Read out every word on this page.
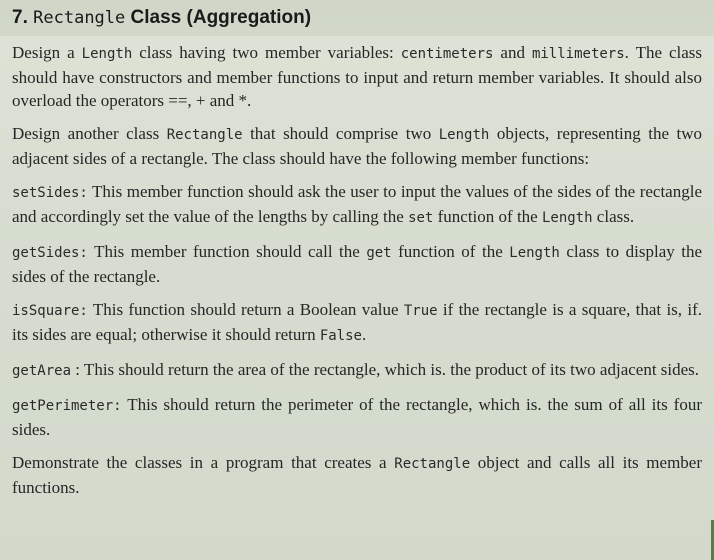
7. Rectangle Class (Aggregation)

Design a Length class having two member variables: centimeters and millimeters. The class should have constructors and member functions to input and return member variables. It should also overload the operators ==, + and *.

Design another class Rectangle that should comprise two Length objects, representing the two adjacent sides of a rectangle. The class should have the following member functions:

setSides: This member function should ask the user to input the values of the sides of the rectangle and accordingly set the value of the lengths by calling the set function of the Length class.

getSides: This member function should call the get function of the Length class to display the sides of the rectangle.

isSquare: This function should return a Boolean value True if the rectangle is a square, that is, if. its sides are equal; otherwise it should return False.

getArea : This should return the area of the rectangle, which is. the product of its two adjacent sides.

getPerimeter: This should return the perimeter of the rectangle, which is. the sum of all its four sides.

Demonstrate the classes in a program that creates a Rectangle object and calls all its member functions.
